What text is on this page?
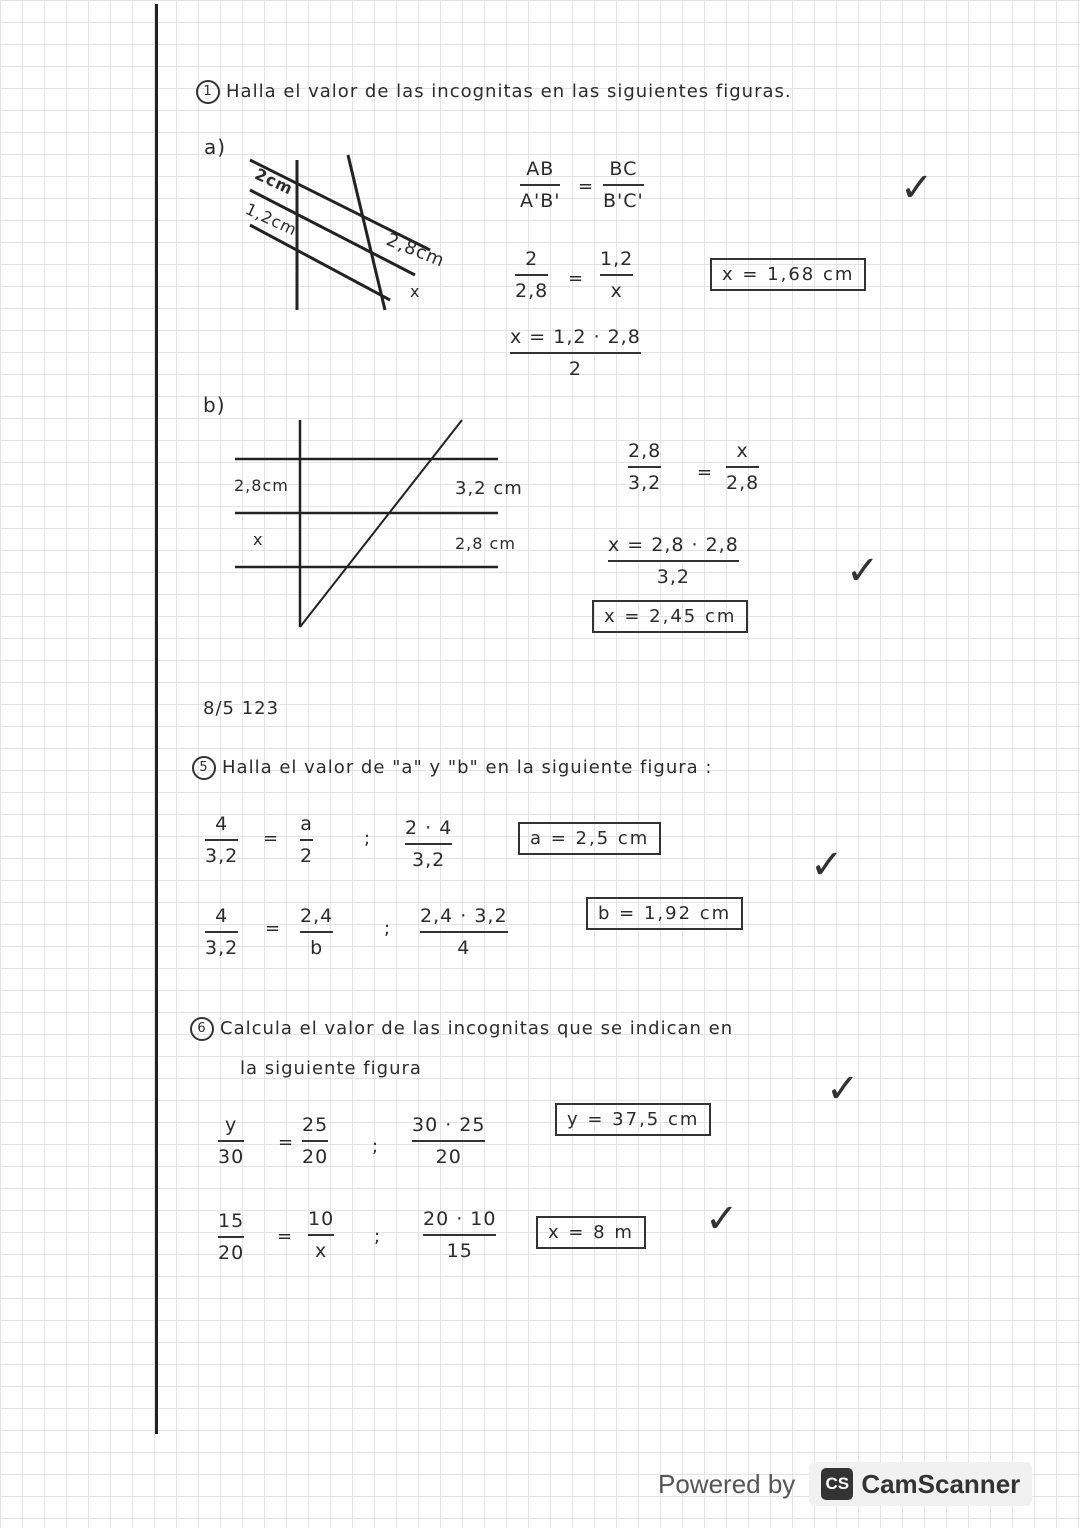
1 Halla el valor de las incognitas en las siguientes figuras.
a)
2cm
1,2cm
2,8cm
x
AB
A'B'
=
BC
B'C'
2
2,8
=
1,2
x
x = 1,2 · 2,8
2
x = 1,68 cm
✓
b)
2,8cm
x
3,2 cm
2,8 cm
2,8
3,2 =
x
2,8
x = 2,8 · 2,8
3,2
x = 2,45 cm
✓
8/5 123
5 Halla el valor de "a" y "b" en la siguiente figura :
4
3,2
=
a
2
; 2 · 4
3,2
a = 2,5 cm
4
3,2
=
2,4
b
;
2,4 · 3,2
4
b = 1,92 cm
✓
6 Calcula el valor de las incognitas que se indican en
la siguiente figura
y
30
=
25
20 ;
30 · 25
20
y = 37,5 cm
✓
15
20
=
10
x
;
20 · 10
15
x = 8 m	✓
Powered by CS CamScanner
